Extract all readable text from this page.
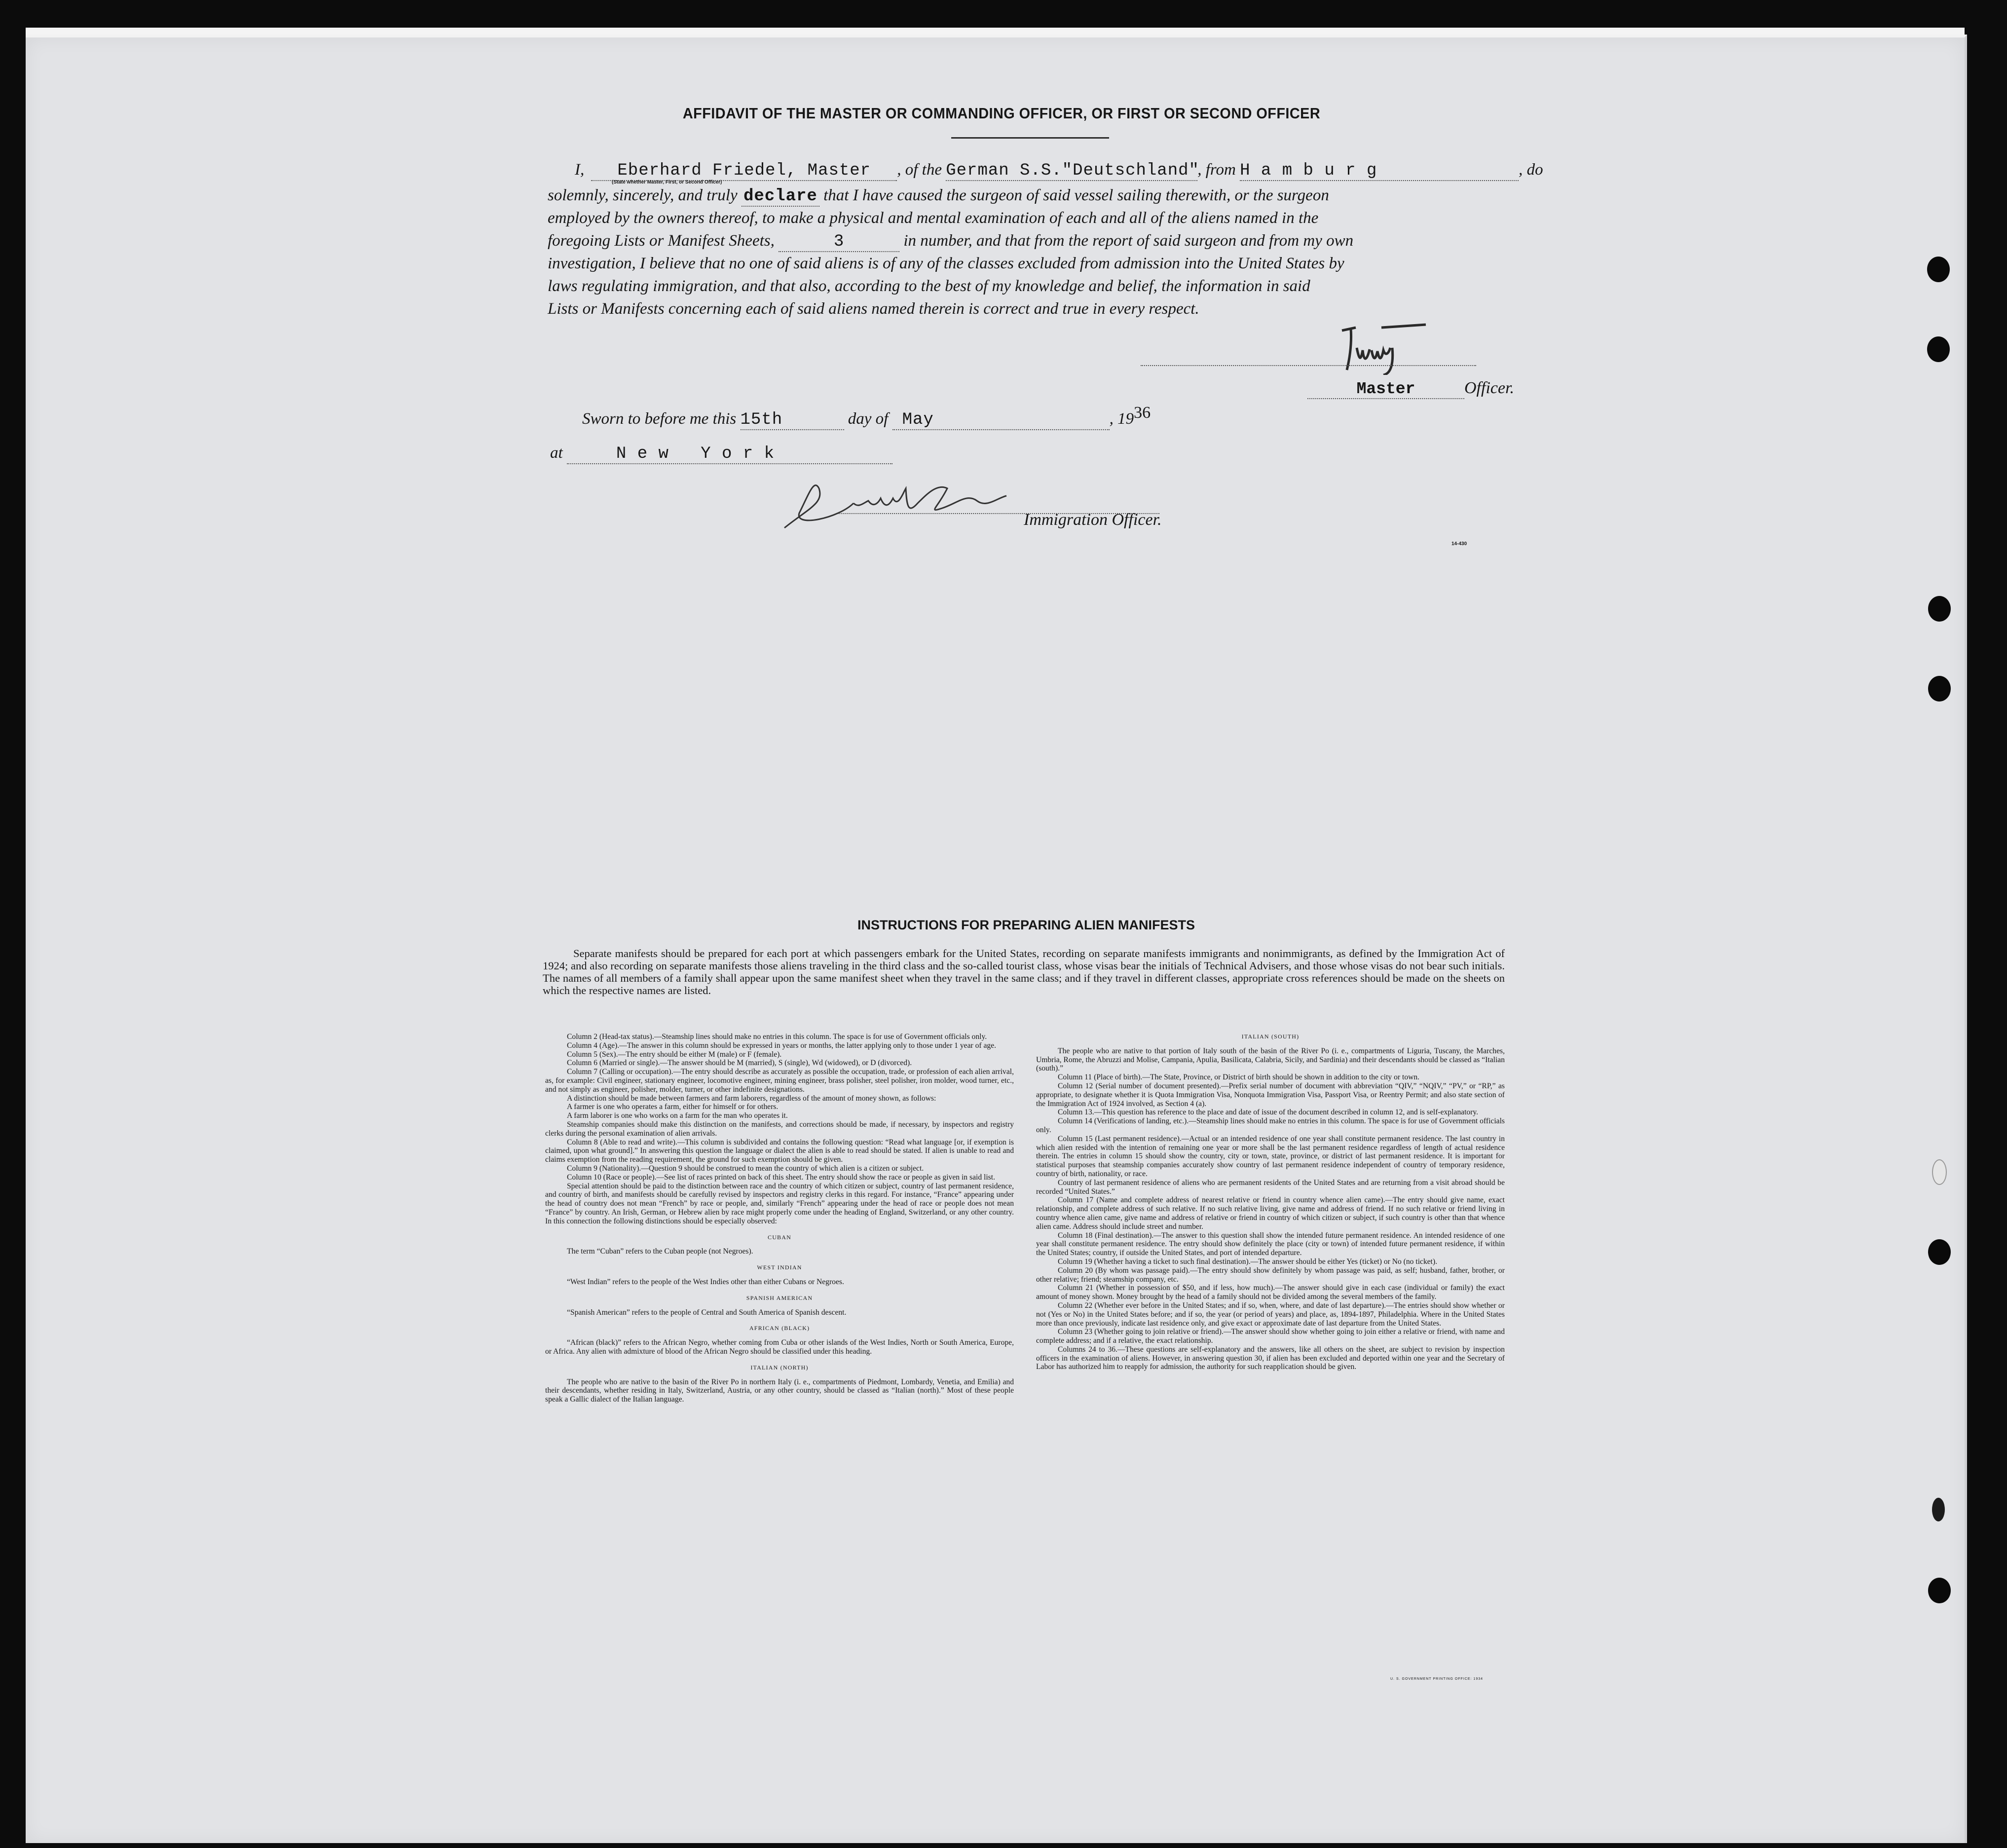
AFFIDAVIT OF THE MASTER OR COMMANDING OFFICER, OR FIRST OR SECOND OFFICER
I, Eberhard Friedel, Master , of the German S.S."Deutschland", from H a m b u r g	, do
(State whether Master, First, or Second Officer)
solemnly, sincerely, and truly declare that I have caused the surgeon of said vessel sailing therewith, or the surgeon
employed by the owners thereof, to make a physical and mental examination of each and all of the aliens named in the
foregoing Lists or Manifest Sheets,	3	in number, and that from the report of said surgeon and from my own
investigation, I believe that no one of said aliens is of any of the classes excluded from admission into the United States by
laws regulating immigration, and that also, according to the best of my knowledge and belief, the information in said
Lists or Manifests concerning each of said aliens named therein is correct and true in every respect.
Master	Officer.
Sworn to before me this 15th	day of May	, 1936
at	N e w   Y o r k
Immigration Officer.
14-430
INSTRUCTIONS FOR PREPARING ALIEN MANIFESTS
Separate manifests should be prepared for each port at which passengers embark for the United States, recording on separate manifests immigrants and nonimmigrants, as defined by the Immigration Act of 1924; and also recording on separate manifests those aliens traveling in the third class and the so-called tourist class, whose visas bear the initials of Technical Advisers, and those whose visas do not bear such initials. The names of all members of a family shall appear upon the same manifest sheet when they travel in the same class; and if they travel in different classes, appropriate cross references should be made on the sheets on which the respective names are listed.

Column 2 (Head-tax status).—Steamship lines should make no entries in this column. The space is for use of Government officials only.

Column 4 (Age).—The answer in this column should be expressed in years or months, the latter applying only to those under 1 year of age.

Column 5 (Sex).—The entry should be either M (male) or F (female).

Column 6 (Married or single).—The answer should be M (married), S (single), Wd (widowed), or D (divorced).

Column 7 (Calling or occupation).—The entry should describe as accurately as possible the occupation, trade, or profession of each alien arrival, as, for example: Civil engineer, stationary engineer, locomotive engineer, mining engineer, brass polisher, steel polisher, iron molder, wood turner, etc., and not simply as engineer, polisher, molder, turner, or other indefinite designations.

A distinction should be made between farmers and farm laborers, regardless of the amount of money shown, as follows:

A farmer is one who operates a farm, either for himself or for others.

A farm laborer is one who works on a farm for the man who operates it.

Steamship companies should make this distinction on the manifests, and corrections should be made, if necessary, by inspectors and registry clerks during the personal examination of alien arrivals.

Column 8 (Able to read and write).—This column is subdivided and contains the following question: “Read what language [or, if exemption is claimed, upon what ground].” In answering this question the language or dialect the alien is able to read should be stated. If alien is unable to read and claims exemption from the reading requirement, the ground for such exemption should be given.

Column 9 (Nationality).—Question 9 should be construed to mean the country of which alien is a citizen or subject.

Column 10 (Race or people).—See list of races printed on back of this sheet. The entry should show the race or people as given in said list.

Special attention should be paid to the distinction between race and the country of which citizen or subject, country of last permanent residence, and country of birth, and manifests should be carefully revised by inspectors and registry clerks in this regard. For instance, “France” appearing under the head of country does not mean “French” by race or people, and, similarly “French” appearing under the head of race or people does not mean “France” by country. An Irish, German, or Hebrew alien by race might properly come under the heading of England, Switzerland, or any other country. In this connection the following distinctions should be especially observed:

CUBAN

The term “Cuban” refers to the Cuban people (not Negroes).

WEST INDIAN

“West Indian” refers to the people of the West Indies other than either Cubans or Negroes.

SPANISH AMERICAN

“Spanish American” refers to the people of Central and South America of Spanish descent.

AFRICAN (BLACK)

“African (black)” refers to the African Negro, whether coming from Cuba or other islands of the West Indies, North or South America, Europe, or Africa. Any alien with admixture of blood of the African Negro should be classified under this heading.

ITALIAN (NORTH)

The people who are native to the basin of the River Po in northern Italy (i. e., compartments of Piedmont, Lombardy, Venetia, and Emilia) and their descendants, whether residing in Italy, Switzerland, Austria, or any other country, should be classed as “Italian (north).” Most of these people speak a Gallic dialect of the Italian language.

ITALIAN (SOUTH)

The people who are native to that portion of Italy south of the basin of the River Po (i. e., compartments of Liguria, Tuscany, the Marches, Umbria, Rome, the Abruzzi and Molise, Campania, Apulia, Basilicata, Calabria, Sicily, and Sardinia) and their descendants should be classed as “Italian (south).”

Column 11 (Place of birth).—The State, Province, or District of birth should be shown in addition to the city or town.

Column 12 (Serial number of document presented).—Prefix serial number of document with abbreviation “QIV,” “NQIV,” “PV,” or “RP,” as appropriate, to designate whether it is Quota Immigration Visa, Nonquota Immigration Visa, Passport Visa, or Reentry Permit; and also state section of the Immigration Act of 1924 involved, as Section 4 (a).

Column 13.—This question has reference to the place and date of issue of the document described in column 12, and is self-explanatory.

Column 14 (Verifications of landing, etc.).—Steamship lines should make no entries in this column. The space is for use of Government officials only.

Column 15 (Last permanent residence).—Actual or an intended residence of one year shall constitute permanent residence. The last country in which alien resided with the intention of remaining one year or more shall be the last permanent residence regardless of length of actual residence therein. The entries in column 15 should show the country, city or town, state, province, or district of last permanent residence. It is important for statistical purposes that steamship companies accurately show country of last permanent residence independent of country of temporary residence, country of birth, nationality, or race.

Country of last permanent residence of aliens who are permanent residents of the United States and are returning from a visit abroad should be recorded “United States.”

Column 17 (Name and complete address of nearest relative or friend in country whence alien came).—The entry should give name, exact relationship, and complete address of such relative. If no such relative living, give name and address of friend. If no such relative or friend living in country whence alien came, give name and address of relative or friend in country of which citizen or subject, if such country is other than that whence alien came. Address should include street and number.

Column 18 (Final destination).—The answer to this question shall show the intended future permanent residence. An intended residence of one year shall constitute permanent residence. The entry should show definitely the place (city or town) of intended future permanent residence, if within the United States; country, if outside the United States, and port of intended departure.

Column 19 (Whether having a ticket to such final destination).—The answer should be either Yes (ticket) or No (no ticket).

Column 20 (By whom was passage paid).—The entry should show definitely by whom passage was paid, as self; husband, father, brother, or other relative; friend; steamship company, etc.

Column 21 (Whether in possession of $50, and if less, how much).—The answer should give in each case (individual or family) the exact amount of money shown. Money brought by the head of a family should not be divided among the several members of the family.

Column 22 (Whether ever before in the United States; and if so, when, where, and date of last departure).—The entries should show whether or not (Yes or No) in the United States before; and if so, the year (or period of years) and place, as, 1894-1897, Philadelphia. Where in the United States more than once previously, indicate last residence only, and give exact or approximate date of last departure from the United States.

Column 23 (Whether going to join relative or friend).—The answer should show whether going to join either a relative or friend, with name and complete address; and if a relative, the exact relationship.

Columns 24 to 36.—These questions are self-explanatory and the answers, like all others on the sheet, are subject to revision by inspection officers in the examination of aliens. However, in answering question 30, if alien has been excluded and deported within one year and the Secretary of Labor has authorized him to reapply for admission, the authority for such reapplication should be given.

U. S. GOVERNMENT PRINTING OFFICE: 1934
